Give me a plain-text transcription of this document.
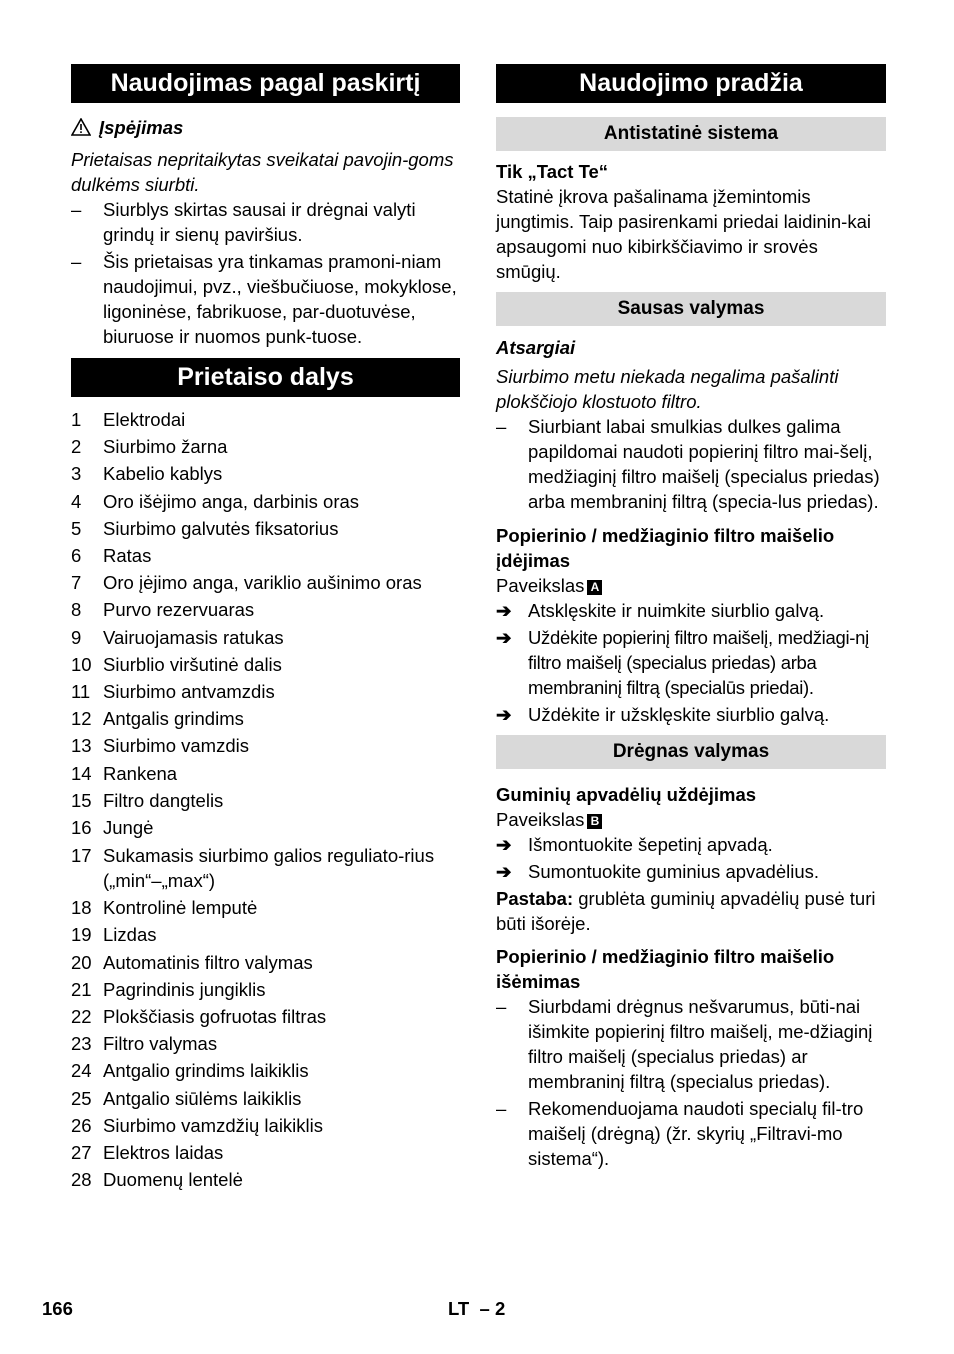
Naudojimas pagal paskirtį
Įspėjimas
Prietaisas nepritaikytas sveikatai pavojin-goms dulkėms siurbti.
–	Siurblys skirtas sausai ir drėgnai valyti grindų ir sienų paviršius.
–	Šis prietaisas yra tinkamas pramoni-niam naudojimui, pvz., viešbučiuose, mokyklose, ligoninėse, fabrikuose, par-duotuvėse, biuruose ir nuomos punk-tuose.
Prietaiso dalys
1	Elektrodai
2	Siurbimo žarna
3	Kabelio kablys
4	Oro išėjimo anga, darbinis oras
5	Siurbimo galvutės fiksatorius
6	Ratas
7	Oro įėjimo anga, variklio aušinimo oras
8	Purvo rezervuaras
9	Vairuojamasis ratukas
10 Siurblio viršutinė dalis
11 Siurbimo antvamzdis
12 Antgalis grindims
13 Siurbimo vamzdis
14 Rankena
15 Filtro dangtelis
16 Jungė
17 Sukamasis siurbimo galios reguliato-rius („min“–„max“)
18 Kontrolinė lemputė
19 Lizdas
20 Automatinis filtro valymas
21 Pagrindinis jungiklis
22 Plokščiasis gofruotas filtras
23 Filtro valymas
24 Antgalio grindims laikiklis
25 Antgalio siūlėms laikiklis
26 Siurbimo vamzdžių laikiklis
27 Elektros laidas
28 Duomenų lentelė
Naudojimo pradžia
Antistatinė sistema
Tik „Tact Te“
Statinė įkrova pašalinama įžemintomis jungtimis. Taip pasirenkami priedai laidinin-kai apsaugomi nuo kibirkščiavimo ir srovės smūgių.
Sausas valymas
Atsargiai
Siurbimo metu niekada negalima pašalinti plokščiojo klostuoto filtro.
–	Siurbiant labai smulkias dulkes galima papildomai naudoti popierinį filtro mai-šelį, medžiaginį filtro maišelį (specialus priedas) arba membraninį filtrą (specia-lus priedas).
Popierinio / medžiaginio filtro maišelio įdėjimas
Paveikslas A
➔ Atsklęskite ir nuimkite siurblio galvą.
➔ Uždėkite popierinį filtro maišelį, medžiagi-nį filtro maišelį (specialus priedas) arba membraninį filtrą (specialūs priedai).
➔ Uždėkite ir užsklęskite siurblio galvą.
Drėgnas valymas
Guminių apvadėlių uždėjimas
Paveikslas B
➔ Išmontuokite šepetinį apvadą.
➔ Sumontuokite guminius apvadėlius.
Pastaba: grublėta guminių apvadėlių pusė turi būti išorėje.
Popierinio / medžiaginio filtro maišelio išėmimas
–	Siurbdami drėgnus nešvarumus, būti-nai išimkite popierinį filtro maišelį, me-džiaginį filtro maišelį (specialus priedas) ar membraninį filtrą (specialus priedas).
–	Rekomenduojama naudoti specialų fil-tro maišelį (drėgną) (žr. skyrių „Filtravi-mo sistema“).
166	LT – 2
